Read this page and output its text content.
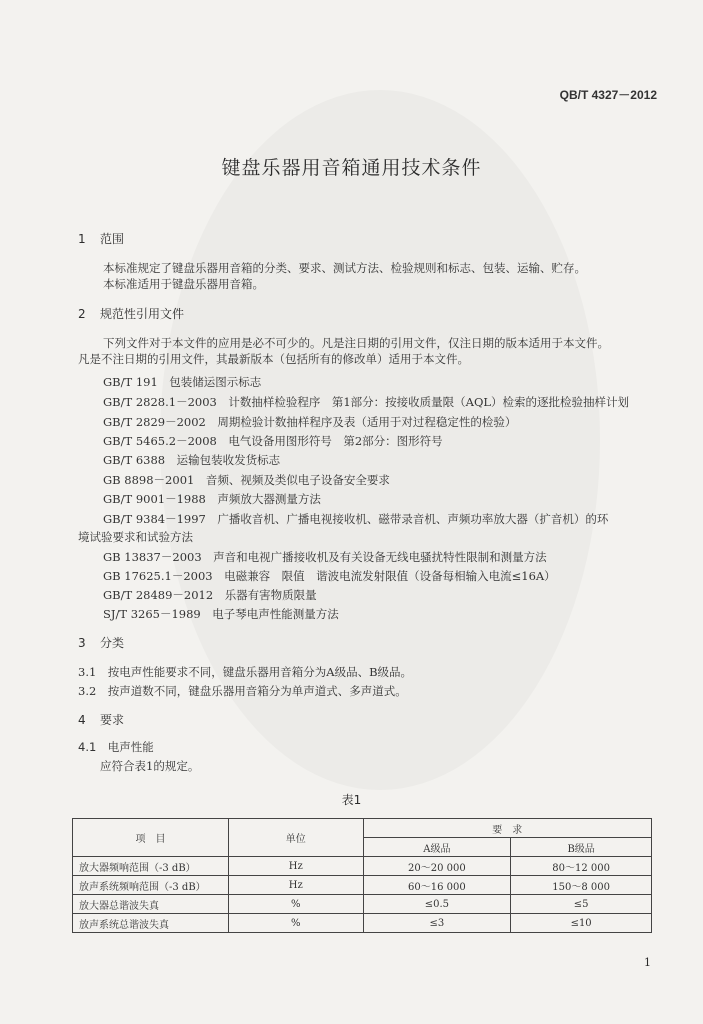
QB/T 4327－2012
键盘乐器用音箱通用技术条件
1 范围
本标准规定了键盘乐器用音箱的分类、要求、测试方法、检验规则和标志、包装、运输、贮存。
本标准适用于键盘乐器用音箱。
2 规范性引用文件
下列文件对于本文件的应用是必不可少的。凡是注日期的引用文件，仅注日期的版本适用于本文件。
凡是不注日期的引用文件，其最新版本（包括所有的修改单）适用于本文件。
GB/T 191　包装储运图示标志
GB/T 2828.1－2003　计数抽样检验程序　第1部分：按接收质量限（AQL）检索的逐批检验抽样计划
GB/T 2829－2002　周期检验计数抽样程序及表（适用于对过程稳定性的检验）
GB/T 5465.2－2008　电气设备用图形符号　第2部分：图形符号
GB/T 6388　运输包装收发货标志
GB 8898－2001　音频、视频及类似电子设备安全要求
GB/T 9001－1988　声频放大器测量方法
GB/T 9384－1997　广播收音机、广播电视接收机、磁带录音机、声频功率放大器（扩音机）的环
境试验要求和试验方法
GB 13837－2003　声音和电视广播接收机及有关设备无线电骚扰特性限制和测量方法
GB 17625.1－2003　电磁兼容　限值　谐波电流发射限值（设备每相输入电流≤16A）
GB/T 28489－2012　乐器有害物质限量
SJ/T 3265－1989　电子琴电声性能测量方法
3 分类
3.1　按电声性能要求不同，键盘乐器用音箱分为A级品、B级品。
3.2　按声道数不同，键盘乐器用音箱分为单声道式、多声道式。
4 要求
4.1　电声性能
应符合表1的规定。
表1
项　目	单位	要　求	
		A级品	B级品
放大器频响范围（-3 dB）	Hz	20～20 000	80～12 000
放声系统频响范围（-3 dB）	Hz	60～16 000	150～8 000
放大器总谐波失真	%	≤0.5	≤5
放声系统总谐波失真	%	≤3	≤10
1
